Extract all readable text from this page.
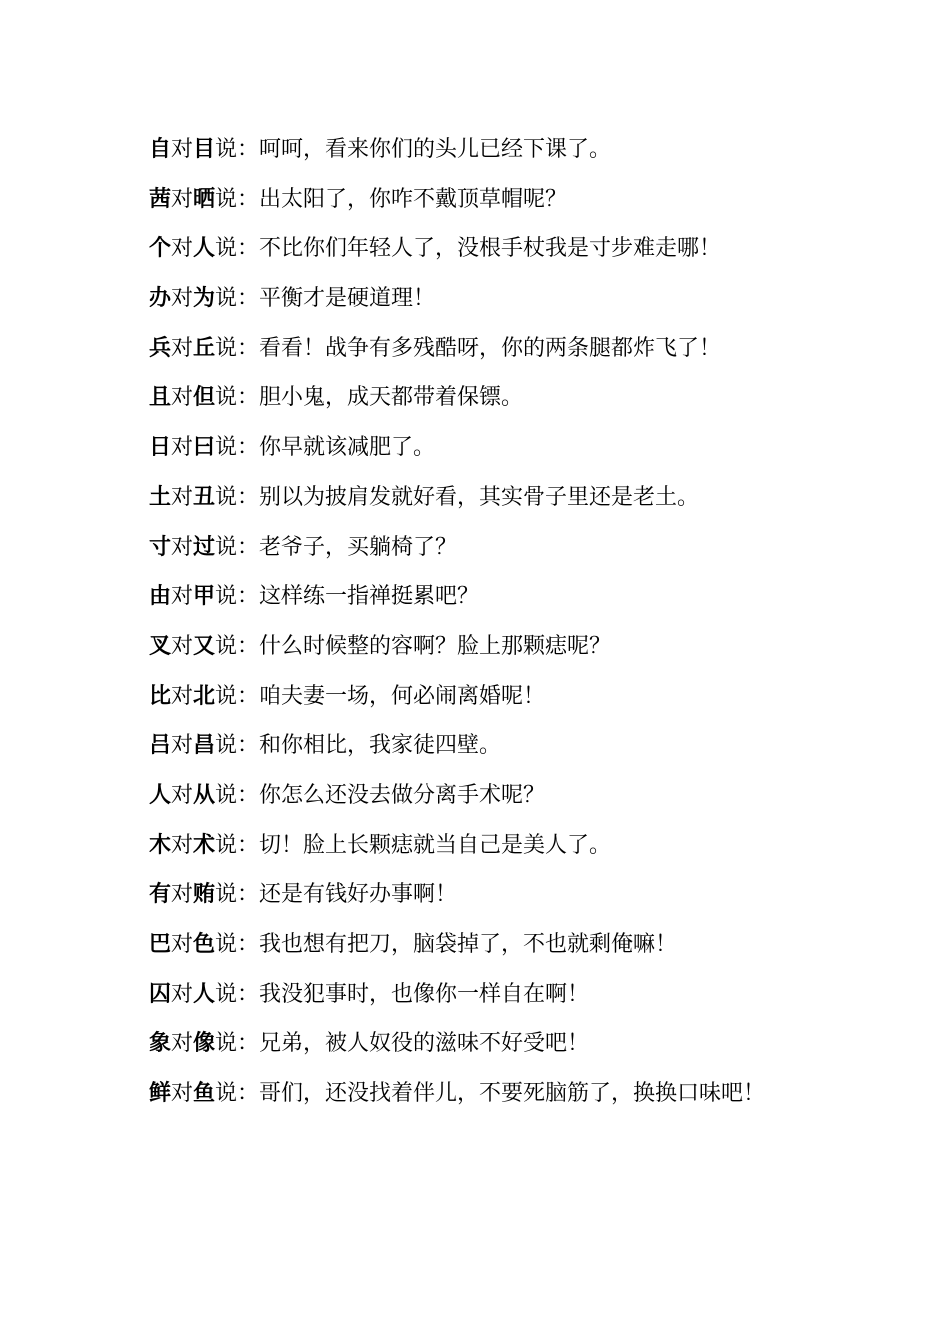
自对目说：呵呵，看来你们的头儿已经下课了。
茜对晒说：出太阳了，你咋不戴顶草帽呢？
个对人说：不比你们年轻人了，没根手杖我是寸步难走哪！
办对为说：平衡才是硬道理！
兵对丘说：看看！战争有多残酷呀，你的两条腿都炸飞了！
且对但说：胆小鬼，成天都带着保镖。
日对曰说：你早就该减肥了。
土对丑说：别以为披肩发就好看，其实骨子里还是老土。
寸对过说：老爷子，买躺椅了？
由对甲说：这样练一指禅挺累吧？
叉对又说：什么时候整的容啊？脸上那颗痣呢？
比对北说：咱夫妻一场，何必闹离婚呢！
吕对昌说：和你相比，我家徒四壁。
人对从说：你怎么还没去做分离手术呢？
木对术说：切！脸上长颗痣就当自己是美人了。
有对贿说：还是有钱好办事啊！
巴对色说：我也想有把刀，脑袋掉了，不也就剩俺嘛！
囚对人说：我没犯事时，也像你一样自在啊！
象对像说：兄弟，被人奴役的滋味不好受吧！
鲜对鱼说：哥们，还没找着伴儿，不要死脑筋了，换换口味吧！
